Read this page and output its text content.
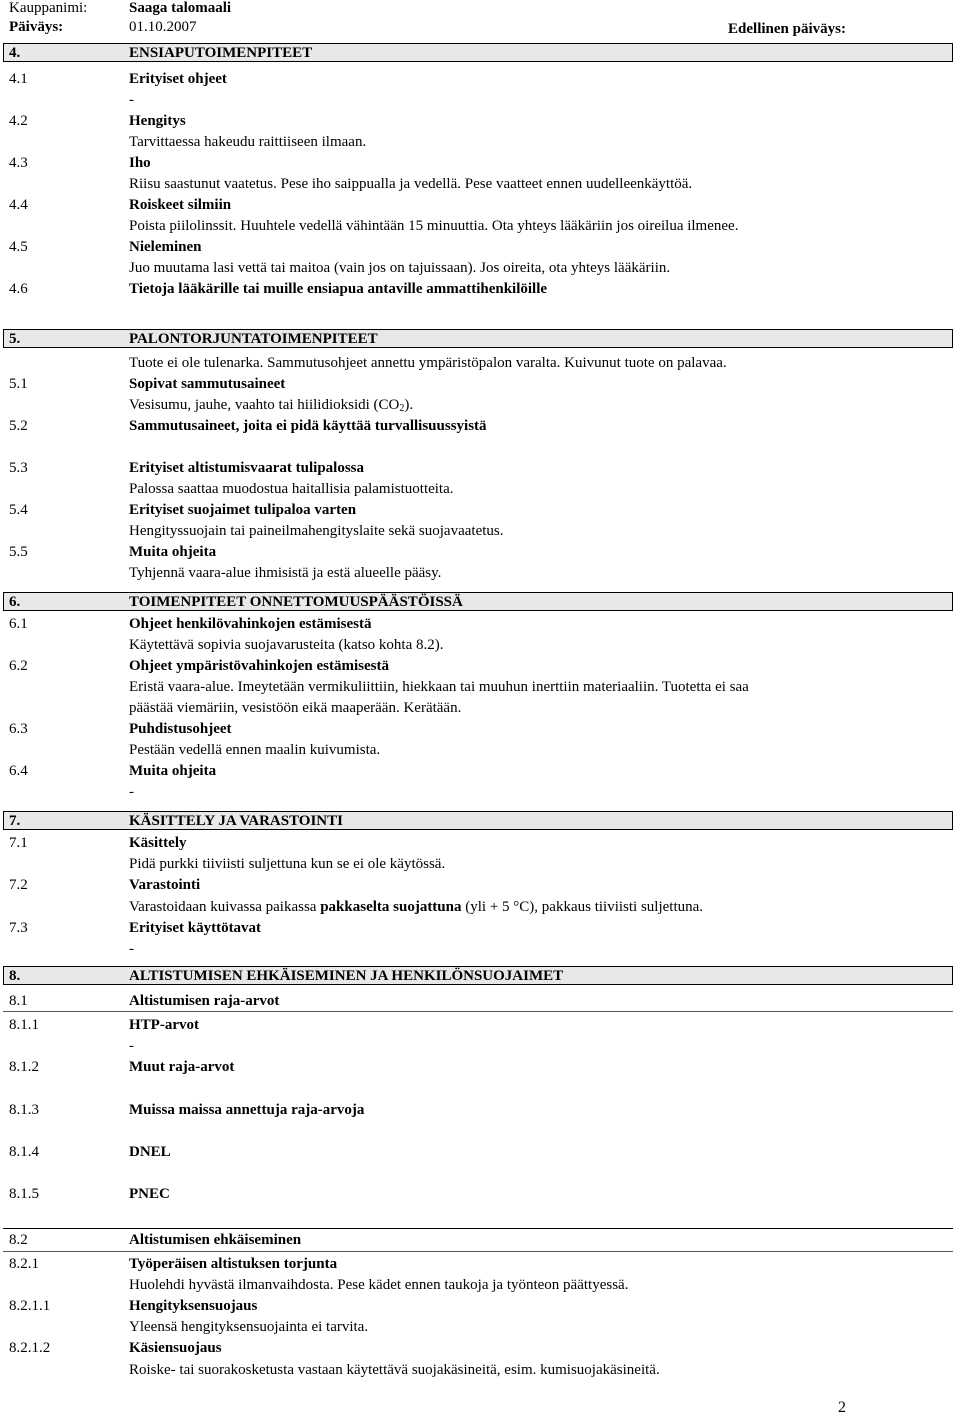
Kauppanimi:	Saaga talomaali
Päiväys:	01.10.2007	Edellinen päiväys:
4.	ENSIAPUTOIMENPITEET
4.1	Erityiset ohjeet
-
4.2	Hengitys
Tarvittaessa hakeudu raittiiseen ilmaan.
4.3	Iho
Riisu saastunut vaatetus. Pese iho saippualla ja vedellä. Pese vaatteet ennen uudelleenkäyttöä.
4.4	Roiskeet silmiin
Poista piilolinssit. Huuhtele vedellä vähintään 15 minuuttia. Ota yhteys lääkäriin jos oireilua ilmenee.
4.5	Nieleminen
Juo muutama lasi vettä tai maitoa (vain jos on tajuissaan). Jos oireita, ota yhteys lääkäriin.
4.6	Tietoja lääkärille tai muille ensiapua antaville ammattihenkilöille
5.	PALONTORJUNTATOIMENPITEET
Tuote ei ole tulenarka. Sammutusohjeet annettu ympäristöpalon varalta. Kuivunut tuote on palavaa.
5.1	Sopivat sammutusaineet
Vesisumu, jauhe, vaahto tai hiilidioksidi $(CO_2)$.
5.2	Sammutusaineet, joita ei pidä käyttää turvallisuussyistä
5.3	Erityiset altistumisvaarat tulipalossa
Palossa saattaa muodostua haitallisia palamistuotteita.
5.4	Erityiset suojaimet tulipaloa varten
Hengityssuojain tai paineilmahengityslaite sekä suojavaatetus.
5.5	Muita ohjeita
Tyhjennä vaara-alue ihmisistä ja estä alueelle pääsy.
6.	TOIMENPITEET ONNETTOMUUSPÄÄSTÖISSÄ
6.1	Ohjeet henkilövahinkojen estämisestä
Käytettävä sopivia suojavarusteita (katso kohta 8.2).
6.2	Ohjeet ympäristövahinkojen estämisestä
Eristä vaara-alue. Imeytetään vermikuliittiin, hiekkaan tai muuhun inerttiin materiaaliin. Tuotetta ei saa
päästää viemäriin, vesistöön eikä maaperään. Kerätään.
6.3	Puhdistusohjeet
Pestään vedellä ennen maalin kuivumista.
6.4	Muita ohjeita
-
7.	KÄSITTELY JA VARASTOINTI
7.1	Käsittely
Pidä purkki tiiviisti suljettuna kun se ei ole käytössä.
7.2	Varastointi
Varastoidaan kuivassa paikassa pakkaselta suojattuna (yli + 5 °C), pakkaus tiiviisti suljettuna.
7.3	Erityiset käyttötavat
-
8.	ALTISTUMISEN EHKÄISEMINEN JA HENKILÖNSUOJAIMET
8.1	Altistumisen raja-arvot
8.1.1	HTP-arvot
-
8.1.2	Muut raja-arvot
8.1.3	Muissa maissa annettuja raja-arvoja
8.1.4	DNEL
8.1.5	PNEC
8.2	Altistumisen ehkäiseminen
8.2.1	Työperäisen altistuksen torjunta
Huolehdi hyvästä ilmanvaihdosta. Pese kädet ennen taukoja ja työnteon päättyessä.
8.2.1.1	Hengityksensuojaus
Yleensä hengityksensuojainta ei tarvita.
8.2.1.2	Käsiensuojaus
Roiske- tai suorakosketusta vastaan käytettävä suojakäsineitä, esim. kumisuojakäsineitä.
2
